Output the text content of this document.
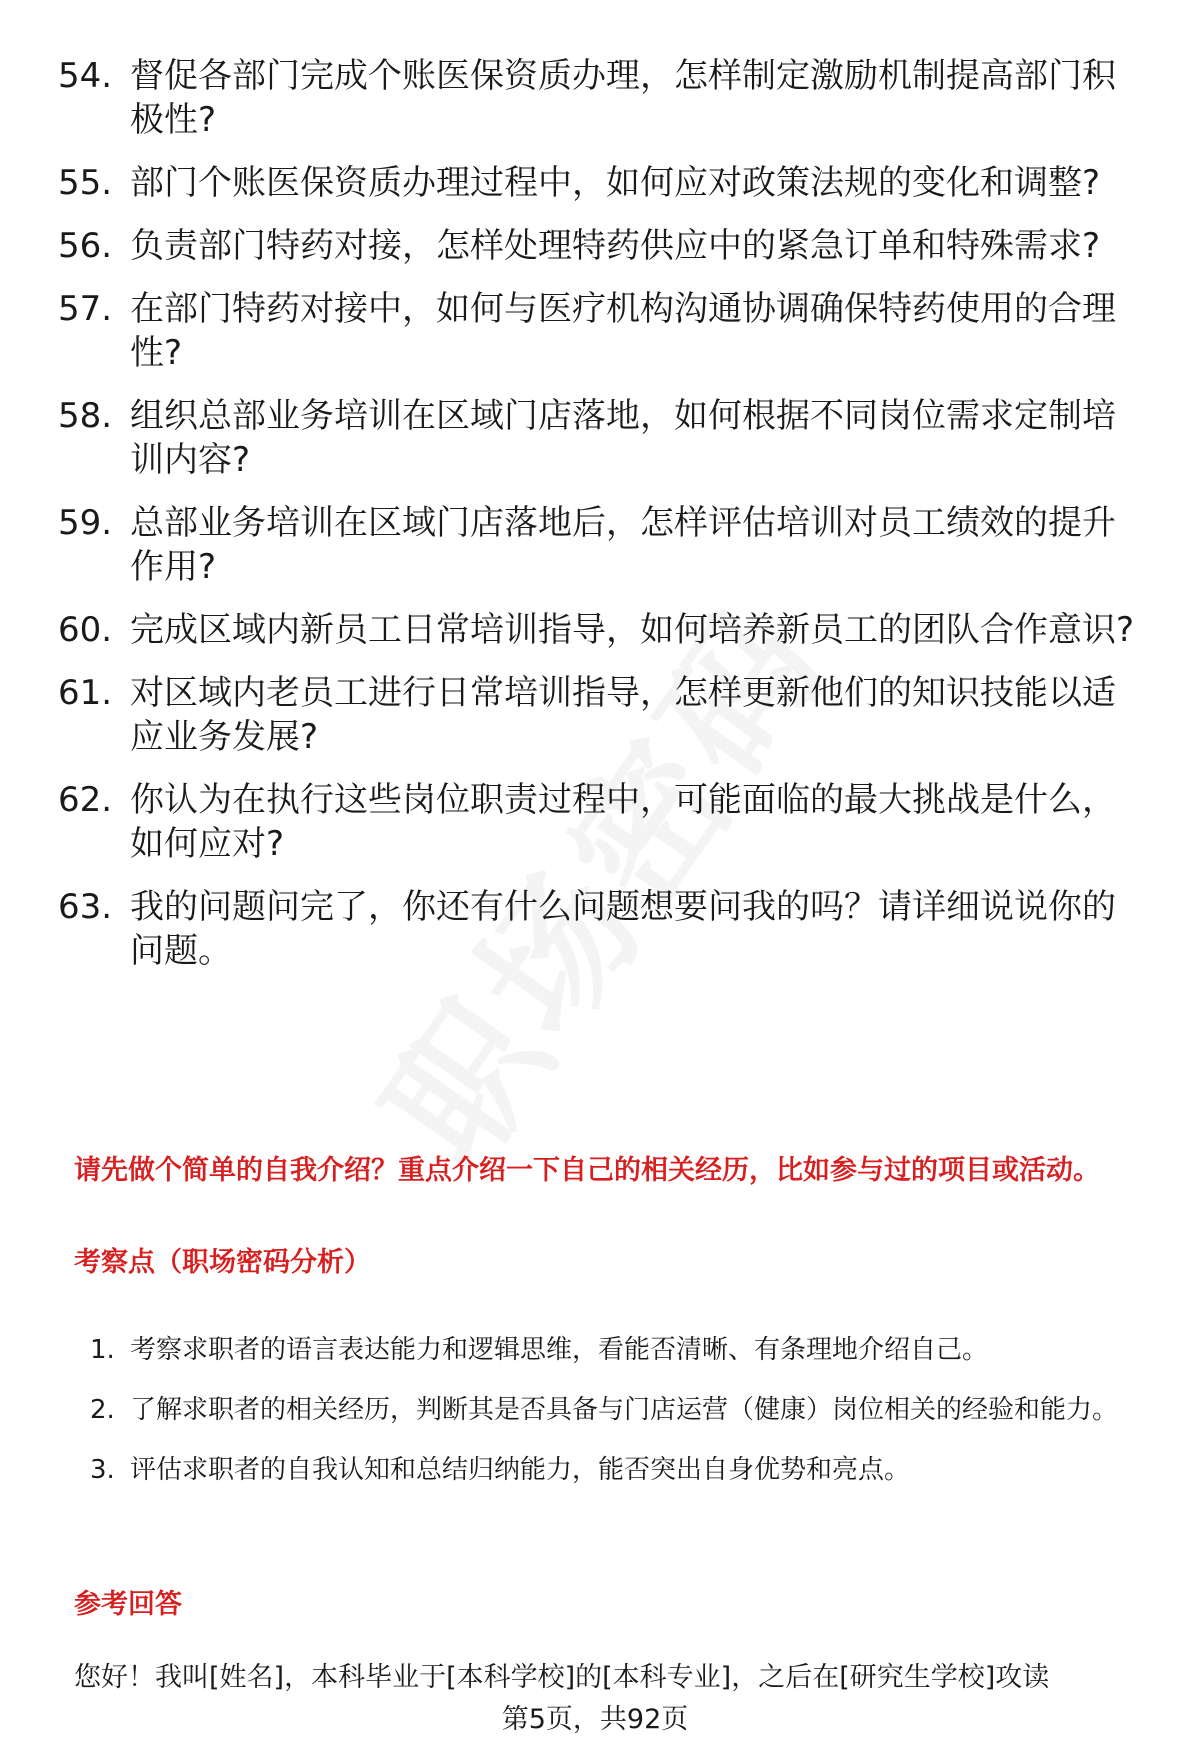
54. 督促各部门完成个账医保资质办理，怎样制定激励机制提高部门积极性?
55. 部门个账医保资质办理过程中，如何应对政策法规的变化和调整?
56. 负责部门特药对接，怎样处理特药供应中的紧急订单和特殊需求?
57. 在部门特药对接中，如何与医疗机构沟通协调确保特药使用的合理性?
58. 组织总部业务培训在区域门店落地，如何根据不同岗位需求定制培训内容?
59. 总部业务培训在区域门店落地后，怎样评估培训对员工绩效的提升作用?
60. 完成区域内新员工日常培训指导，如何培养新员工的团队合作意识?
61. 对区域内老员工进行日常培训指导，怎样更新他们的知识技能以适应业务发展?
62. 你认为在执行这些岗位职责过程中，可能面临的最大挑战是什么，如何应对?
63. 我的问题问完了，你还有什么问题想要问我的吗？请详细说说你的问题。
请先做个简单的自我介绍？重点介绍一下自己的相关经历，比如参与过的项目或活动。
考察点（职场密码分析）
1. 考察求职者的语言表达能力和逻辑思维，看能否清晰、有条理地介绍自己。
2. 了解求职者的相关经历，判断其是否具备与门店运营（健康）岗位相关的经验和能力。
3. 评估求职者的自我认知和总结归纳能力，能否突出自身优势和亮点。
参考回答
您好！我叫[姓名]，本科毕业于[本科学校]的[本科专业]，之后在[研究生学校]攻读
第5页，共92页
